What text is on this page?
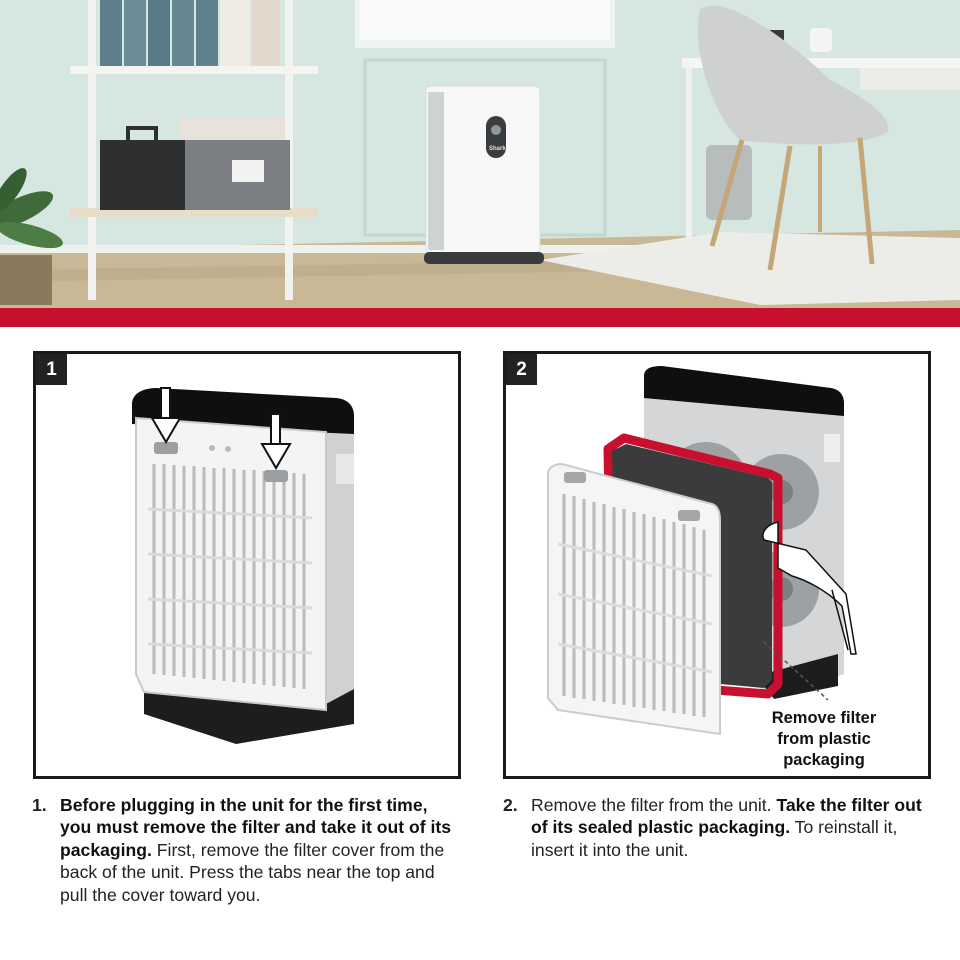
Shark
1	2
Remove filter
from plastic
packaging
1. Before plugging in the unit for the first time, you must remove the filter and take it out of its packaging. First, remove the filter cover from the back of the unit. Press the tabs near the top and pull the cover toward you.

2. Remove the filter from the unit. Take the filter out of its sealed plastic packaging. To reinstall it, insert it into the unit.
